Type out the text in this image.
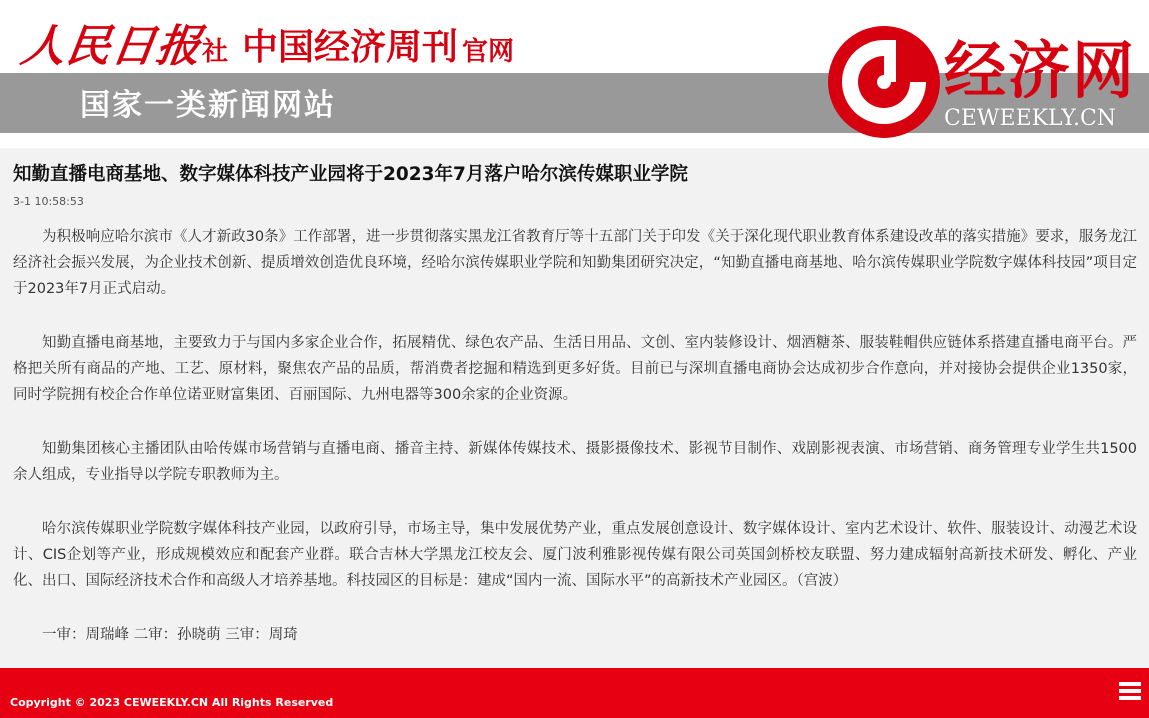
人民日报
社 中国经济周刊 官网
国家一类新闻网站	经济网
CEWEEKLY.CN
知勤直播电商基地、数字媒体科技产业园将于2023年7月落户哈尔滨传媒职业学院
3-1 10:58:53

为积极响应哈尔滨市《人才新政30条》工作部署，进一步贯彻落实黑龙江省教育厅等十五部门关于印发《关于深化现代职业教育体系建设改革的落实措施》要求，服务龙江经济社会振兴发展，为企业技术创新、提质增效创造优良环境，经哈尔滨传媒职业学院和知勤集团研究决定，“知勤直播电商基地、哈尔滨传媒职业学院数字媒体科技园”项目定于2023年7月正式启动。

知勤直播电商基地，主要致力于与国内多家企业合作，拓展精优、绿色农产品、生活日用品、文创、室内装修设计、烟酒糖茶、服装鞋帽供应链体系搭建直播电商平台。严格把关所有商品的产地、工艺、原材料，聚焦农产品的品质，帮消费者挖掘和精选到更多好货。目前已与深圳直播电商协会达成初步合作意向，并对接协会提供企业1350家，同时学院拥有校企合作单位诺亚财富集团、百丽国际、九州电器等300余家的企业资源。

知勤集团核心主播团队由哈传媒市场营销与直播电商、播音主持、新媒体传媒技术、摄影摄像技术、影视节目制作、戏剧影视表演、市场营销、商务管理专业学生共1500余人组成，专业指导以学院专职教师为主。

哈尔滨传媒职业学院数字媒体科技产业园，以政府引导，市场主导，集中发展优势产业，重点发展创意设计、数字媒体设计、室内艺术设计、软件、服装设计、动漫艺术设计、CIS企划等产业，形成规模效应和配套产业群。联合吉林大学黑龙江校友会、厦门波利雅影视传媒有限公司英国剑桥校友联盟、努力建成辐射高新技术研发、孵化、产业化、出口、国际经济技术合作和高级人才培养基地。科技园区的目标是：建成“国内一流、国际水平”的高新技术产业园区。（宫波）

一审：周瑞峰 二审：孙晓萌 三审：周琦

Copyright © 2023 CEWEEKLY.CN All Rights Reserved
